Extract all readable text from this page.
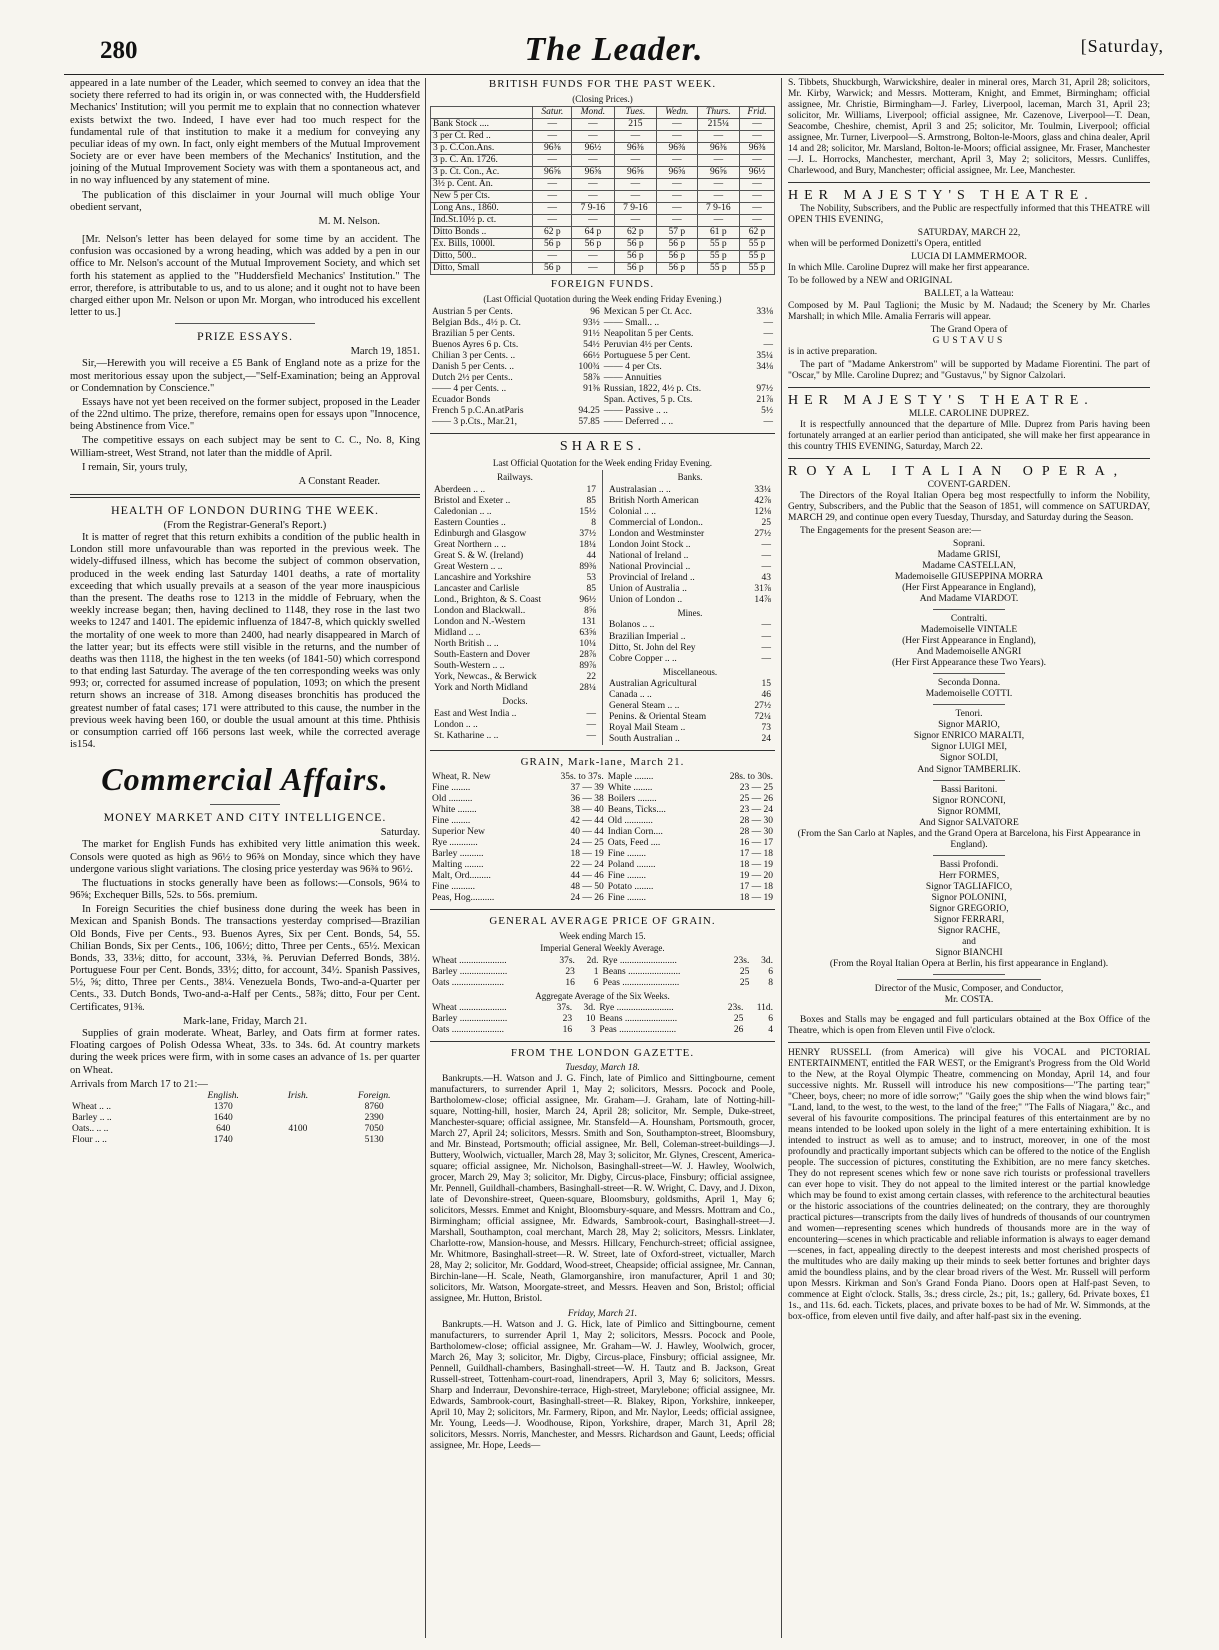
280	The Leader.	[Saturday,

appeared in a late number of the Leader, which seemed to convey an idea that the society there referred to had its origin in, or was connected with, the Huddersfield Mechanics' Institution; will you permit me to explain that no connection whatever exists betwixt the two. Indeed, I have ever had too much respect for the fundamental rule of that institution to make it a medium for conveying any peculiar ideas of my own. In fact, only eight members of the Mutual Improvement Society are or ever have been members of the Mechanics' Institution, and the joining of the Mutual Improvement Society was with them a spontaneous act, and in no way influenced by any statement of mine.

The publication of this disclaimer in your Journal will much oblige Your obedient servant,

M. M. Nelson.

[Mr. Nelson's letter has been delayed for some time by an accident. The confusion was occasioned by a wrong heading, which was added by a pen in our office to Mr. Nelson's account of the Mutual Improvement Society, and which set forth his statement as applied to the "Huddersfield Mechanics' Institution." The error, therefore, is attributable to us, and to us alone; and it ought not to have been charged either upon Mr. Nelson or upon Mr. Morgan, who introduced his excellent letter to us.]

PRIZE ESSAYS.
March 19, 1851.

Sir,—Herewith you will receive a £5 Bank of England note as a prize for the most meritorious essay upon the subject,—"Self-Examination; being an Approval or Condemnation by Conscience."

Essays have not yet been received on the former subject, proposed in the Leader of the 22nd ultimo. The prize, therefore, remains open for essays upon "Innocence, being Abstinence from Vice."

The competitive essays on each subject may be sent to C. C., No. 8, King William-street, West Strand, not later than the middle of April.

I remain, Sir, yours truly,

A Constant Reader.
HEALTH OF LONDON DURING THE WEEK.
(From the Registrar-General's Report.)

It is matter of regret that this return exhibits a condition of the public health in London still more unfavourable than was reported in the previous week. The widely-diffused illness, which has become the subject of common observation, produced in the week ending last Saturday 1401 deaths, a rate of mortality exceeding that which usually prevails at a season of the year more inauspicious than the present. The deaths rose to 1213 in the middle of February, when the weekly increase began; then, having declined to 1148, they rose in the last two weeks to 1247 and 1401. The epidemic influenza of 1847-8, which quickly swelled the mortality of one week to more than 2400, had nearly disappeared in March of the latter year; but its effects were still visible in the returns, and the number of deaths was then 1118, the highest in the ten weeks (of 1841-50) which correspond to that ending last Saturday. The average of the ten corresponding weeks was only 993; or, corrected for assumed increase of population, 1093; on which the present return shows an increase of 318. Among diseases bronchitis has produced the greatest number of fatal cases; 171 were attributed to this cause, the number in the previous week having been 160, or double the usual amount at this time. Phthisis or consumption carried off 166 persons last week, while the corrected average is154.

Commercial Affairs.
MONEY MARKET AND CITY INTELLIGENCE.
Saturday.

The market for English Funds has exhibited very little animation this week. Consols were quoted as high as 96½ to 96⅝ on Monday, since which they have undergone various slight variations. The closing price yesterday was 96⅜ to 96½.

The fluctuations in stocks generally have been as follows:—Consols, 96¼ to 96⅝; Exchequer Bills, 52s. to 56s. premium.

In Foreign Securities the chief business done during the week has been in Mexican and Spanish Bonds. The transactions yesterday comprised—Brazilian Old Bonds, Five per Cents., 93. Buenos Ayres, Six per Cent. Bonds, 54, 55. Chilian Bonds, Six per Cents., 106, 106½; ditto, Three per Cents., 65½. Mexican Bonds, 33, 33⅛; ditto, for account, 33⅛, ⅜. Peruvian Deferred Bonds, 38½. Portuguese Four per Cent. Bonds, 33½; ditto, for account, 34½. Spanish Passives, 5½, ⅝; ditto, Three per Cents., 38¼. Venezuela Bonds, Two-and-a-Quarter per Cents., 33. Dutch Bonds, Two-and-a-Half per Cents., 58⅞; ditto, Four per Cent. Certificates, 91⅜.

Mark-lane, Friday, March 21.

Supplies of grain moderate. Wheat, Barley, and Oats firm at former rates. Floating cargoes of Polish Odessa Wheat, 33s. to 34s. 6d. At country markets during the week prices were firm, with in some cases an advance of 1s. per quarter on Wheat.

Arrivals from March 17 to 21:—
	English.	Irish.	Foreign.
Wheat .. ..	1370		8760
Barley .. ..	1640		2390
Oats.. .. ..	640	4100	7050
Flour .. ..	1740		5130
BRITISH FUNDS FOR THE PAST WEEK.
(Closing Prices.)
	Satur.	Mond.	Tues.	Wedn.	Thurs.	Frid.
Bank Stock ....	—	—	215	—	215¼	—
3 per Ct. Red ..	—	—	—	—	—	—
3 p. C.Con.Ans.	96⅜	96½	96⅜	96⅜	96⅜	96⅜
3 p. C. An. 1726.	—	—	—	—	—	—
3 p. Ct. Con., Ac.	96⅝	96⅝	96⅝	96⅝	96⅝	96½
3½ p. Cent. An.	—	—	—	—	—	—
New 5 per Cts.	—	—	—	—	—	—
Long Ans., 1860.	—	7 9-16	7 9-16	—	7 9-16	—
Ind.St.10½ p. ct.	—	—	—	—	—	—
Ditto Bonds ..	62 p	64 p	62 p	57 p	61 p	62 p
Ex. Bills, 1000l.	56 p	56 p	56 p	56 p	55 p	55 p
Ditto, 500..	—	—	56 p	56 p	55 p	55 p
Ditto, Small	56 p	—	56 p	56 p	55 p	55 p
FOREIGN FUNDS.
(Last Official Quotation during the Week ending Friday Evening.)
Austrian 5 per Cents.	96	Mexican 5 per Ct. Acc.	33⅛
Belgian Bds., 4½ p. Ct.	93½	—— Small.. ..	—
Brazilian 5 per Cents.	91½	Neapolitan 5 per Cents.	—
Buenos Ayres 6 p. Cts.	54½	Peruvian 4½ per Cents.	—
Chilian 3 per Cents. ..	66½	Portuguese 5 per Cent.	35¼
Danish 5 per Cents. ..	100¾	—— 4 per Cts.	34⅛
Dutch 2½ per Cents..	58⅞	—— Annuities	
—— 4 per Cents. ..	91⅜	Russian, 1822, 4½ p. Cts.	97½
Ecuador Bonds		Span. Actives, 5 p. Cts.	21⅞
French 5 p.C.An.atParis	94.25	—— Passive .. ..	5½
—— 3 p.Cts., Mar.21,	57.85	—— Deferred .. ..	—
SHARES.
Last Official Quotation for the Week ending Friday Evening.
Railways.
Aberdeen .. ..	17
Bristol and Exeter ..	85
Caledonian .. ..	15½
Eastern Counties ..	8
Edinburgh and Glasgow	37½
Great Northern .. ..	18¼
Great S. & W. (Ireland)	44
Great Western .. ..	89⅜
Lancashire and Yorkshire	53
Lancaster and Carlisle	85
Lond., Brighton, & S. Coast	96½
London and Blackwall..	8⅝
London and N.-Western	131
Midland .. ..	63⅝
North British .. ..	10¼
South-Eastern and Dover	28⅞
South-Western .. ..	89⅞
York, Newcas., & Berwick	22
York and North Midland	28¼
Docks.
East and West India ..	—
London .. ..	—
St. Katharine .. ..	—

Banks.
Australasian .. ..	33¼
British North American	42⅞
Colonial .. ..	12⅛
Commercial of London..	25
London and Westminster	27½
London Joint Stock ..	—
National of Ireland ..	—
National Provincial ..	—
Provincial of Ireland ..	43
Union of Australia ..	31⅞
Union of London ..	14⅞
Mines.
Bolanos .. ..	—
Brazilian Imperial ..	—
Ditto, St. John del Rey	—
Cobre Copper .. ..	—
Miscellaneous.
Australian Agricultural	15
Canada .. ..	46
General Steam .. ..	27½
Penins. & Oriental Steam	72¼
Royal Mail Steam ..	73
South Australian ..	24
GRAIN, Mark-lane, March 21.
Wheat, R. New	35s. to 37s.	Maple ........	28s. to 30s.
Fine ........	37 — 39	White ........	23 — 25
Old ..........	36 — 38	Boilers ........	25 — 26
White ........	38 — 40	Beans, Ticks....	23 — 24
Fine ........	42 — 44	Old ............	28 — 30
Superior New	40 — 44	Indian Corn....	28 — 30
Rye ............	24 — 25	Oats, Feed ....	16 — 17
Barley ..........	18 — 19	Fine ........	17 — 18
Malting ........	22 — 24	Poland ........	18 — 19
Malt, Ord.........	44 — 46	Fine ........	19 — 20
Fine ..........	48 — 50	Potato ........	17 — 18
Peas, Hog..........	24 — 26	Fine ........	18 — 19
GENERAL AVERAGE PRICE OF GRAIN.
Week ending March 15.
Imperial General Weekly Average.
Wheat ....................	37s.	2d.	Rye ........................	23s.	3d.
Barley ....................	23	1	Beans ......................	25	6
Oats ......................	16	6	Peas ........................	25	8
Aggregate Average of the Six Weeks.
Wheat ....................	37s.	3d.	Rye ........................	23s.	11d.
Barley ....................	23	10	Beans ......................	25	6
Oats ......................	16	3	Peas ........................	26	4
FROM THE LONDON GAZETTE.
Tuesday, March 18.

Bankrupts.—H. Watson and J. G. Finch, late of Pimlico and Sittingbourne, cement manufacturers, to surrender April 1, May 2; solicitors, Messrs. Pocock and Poole, Bartholomew-close; official assignee, Mr. Graham—J. Graham, late of Notting-hill-square, Notting-hill, hosier, March 24, April 28; solicitor, Mr. Semple, Duke-street, Manchester-square; official assignee, Mr. Stansfeld—A. Hounsham, Portsmouth, grocer, March 27, April 24; solicitors, Messrs. Smith and Son, Southampton-street, Bloomsbury, and Mr. Binstead, Portsmouth; official assignee, Mr. Bell, Coleman-street-buildings—J. Buttery, Woolwich, victualler, March 28, May 3; solicitor, Mr. Glynes, Crescent, America-square; official assignee, Mr. Nicholson, Basinghall-street—W. J. Hawley, Woolwich, grocer, March 29, May 3; solicitor, Mr. Digby, Circus-place, Finsbury; official assignee, Mr. Pennell, Guildhall-chambers, Basinghall-street—R. W. Wright, C. Davy, and J. Dixon, late of Devonshire-street, Queen-square, Bloomsbury, goldsmiths, April 1, May 6; solicitors, Messrs. Emmet and Knight, Bloomsbury-square, and Messrs. Mottram and Co., Birmingham; official assignee, Mr. Edwards, Sambrook-court, Basinghall-street—J. Marshall, Southampton, coal merchant, March 28, May 2; solicitors, Messrs. Linklater, Charlotte-row, Mansion-house, and Messrs. Hillcary, Fenchurch-street; official assignee, Mr. Whitmore, Basinghall-street—R. W. Street, late of Oxford-street, victualler, March 28, May 2; solicitor, Mr. Goddard, Wood-street, Cheapside; official assignee, Mr. Cannan, Birchin-lane—H. Scale, Neath, Glamorganshire, iron manufacturer, April 1 and 30; solicitors, Mr. Watson, Moorgate-street, and Messrs. Heaven and Son, Bristol; official assignee, Mr. Hutton, Bristol.

Friday, March 21.

Bankrupts.—H. Watson and J. G. Hick, late of Pimlico and Sittingbourne, cement manufacturers, to surrender April 1, May 2; solicitors, Messrs. Pocock and Poole, Bartholomew-close; official assignee, Mr. Graham—W. J. Hawley, Woolwich, grocer, March 26, May 3; solicitor, Mr. Digby, Circus-place, Finsbury; official assignee, Mr. Pennell, Guildhall-chambers, Basinghall-street—W. H. Tautz and B. Jackson, Great Russell-street, Tottenham-court-road, linendrapers, April 3, May 6; solicitors, Messrs. Sharp and Inderraur, Devonshire-terrace, High-street, Marylebone; official assignee, Mr. Edwards, Sambrook-court, Basinghall-street—R. Blakey, Ripon, Yorkshire, innkeeper, April 10, May 2; solicitors, Mr. Farmery, Ripon, and Mr. Naylor, Leeds; official assignee, Mr. Young, Leeds—J. Woodhouse, Ripon, Yorkshire, draper, March 31, April 28; solicitors, Messrs. Norris, Manchester, and Messrs. Richardson and Gaunt, Leeds; official assignee, Mr. Hope, Leeds—

S. Tibbets, Shuckburgh, Warwickshire, dealer in mineral ores, March 31, April 28; solicitors, Mr. Kirby, Warwick; and Messrs. Motteram, Knight, and Emmet, Birmingham; official assignee, Mr. Christie, Birmingham—J. Farley, Liverpool, laceman, March 31, April 23; solicitor, Mr. Williams, Liverpool; official assignee, Mr. Cazenove, Liverpool—T. Dean, Seacombe, Cheshire, chemist, April 3 and 25; solicitor, Mr. Toulmin, Liverpool; official assignee, Mr. Turner, Liverpool—S. Armstrong, Bolton-le-Moors, glass and china dealer, April 14 and 28; solicitor, Mr. Marsland, Bolton-le-Moors; official assignee, Mr. Fraser, Manchester—J. L. Horrocks, Manchester, merchant, April 3, May 2; solicitors, Messrs. Cunliffes, Charlewood, and Bury, Manchester; official assignee, Mr. Lee, Manchester.

HER MAJESTY'S THEATRE.

The Nobility, Subscribers, and the Public are respectfully informed that this THEATRE will OPEN THIS EVENING,

SATURDAY, MARCH 22,

when will be performed Donizetti's Opera, entitled

LUCIA DI LAMMERMOOR.

In which Mlle. Caroline Duprez will make her first appearance.

To be followed by a NEW and ORIGINAL

BALLET, a la Watteau:

Composed by M. Paul Taglioni; the Music by M. Nadaud; the Scenery by Mr. Charles Marshall; in which Mlle. Amalia Ferraris will appear.

The Grand Opera of
GUSTAVUS

is in active preparation.

The part of "Madame Ankerstrom" will be supported by Madame Fiorentini. The part of "Oscar," by Mlle. Caroline Duprez; and "Gustavus," by Signor Calzolari.

HER MAJESTY'S THEATRE.
MLLE. CAROLINE DUPREZ.

It is respectfully announced that the departure of Mlle. Duprez from Paris having been fortunately arranged at an earlier period than anticipated, she will make her first appearance in this country THIS EVENING, Saturday, March 22.

ROYAL ITALIAN OPERA,
COVENT-GARDEN.

The Directors of the Royal Italian Opera beg most respectfully to inform the Nobility, Gentry, Subscribers, and the Public that the Season of 1851, will commence on SATURDAY, MARCH 29, and continue open every Tuesday, Thursday, and Saturday during the Season.

The Engagements for the present Season are:—

Soprani.
Madame GRISI,
Madame CASTELLAN,
Mademoiselle GIUSEPPINA MORRA
(Her First Appearance in England),
And Madame VIARDOT.
Contralti.
Mademoiselle VINTALE
(Her First Appearance in England),
And Mademoiselle ANGRI
(Her First Appearance these Two Years).
Seconda Donna.
Mademoiselle COTTI.
Tenori.
Signor MARIO,
Signor ENRICO MARALTI,
Signor LUIGI MEI,
Signor SOLDI,
And Signor TAMBERLIK.
Bassi Baritoni.
Signor RONCONI,
Signor ROMMI,
And Signor SALVATORE
(From the San Carlo at Naples, and the Grand Opera at Barcelona, his First Appearance in England).
Bassi Profondi.
Herr FORMES,
Signor TAGLIAFICO,
Signor POLONINI,
Signor GREGORIO,
Signor FERRARI,
Signor RACHE,
and
Signor BIANCHI
(From the Royal Italian Opera at Berlin, his first appearance in England).
Director of the Music, Composer, and Conductor,
Mr. COSTA.

Boxes and Stalls may be engaged and full particulars obtained at the Box Office of the Theatre, which is open from Eleven until Five o'clock.

HENRY RUSSELL (from America) will give his VOCAL and PICTORIAL ENTERTAINMENT, entitled the FAR WEST, or the Emigrant's Progress from the Old World to the New, at the Royal Olympic Theatre, commencing on Monday, April 14, and four successive nights. Mr. Russell will introduce his new compositions—"The parting tear;" "Cheer, boys, cheer; no more of idle sorrow;" "Gaily goes the ship when the wind blows fair;" "Land, land, to the west, to the west, to the land of the free;" "The Falls of Niagara," &c., and several of his favourite compositions. The principal features of this entertainment are by no means intended to be looked upon solely in the light of a mere entertaining exhibition. It is intended to instruct as well as to amuse; and to instruct, moreover, in one of the most profoundly and practically important subjects which can be offered to the notice of the English people. The succession of pictures, constituting the Exhibition, are no mere fancy sketches. They do not represent scenes which few or none save rich tourists or professional travellers can ever hope to visit. They do not appeal to the limited interest or the partial knowledge which may be found to exist among certain classes, with reference to the architectural beauties or the historic associations of the countries delineated; on the contrary, they are thoroughly practical pictures—transcripts from the daily lives of hundreds of thousands of our countrymen and women—representing scenes which hundreds of thousands more are in the way of encountering—scenes in which practicable and reliable information is always to eager demand—scenes, in fact, appealing directly to the deepest interests and most cherished prospects of the multitudes who are daily making up their minds to seek better fortunes and brighter days amid the boundless plains, and by the clear broad rivers of the West. Mr. Russell will perform upon Messrs. Kirkman and Son's Grand Fonda Piano. Doors open at Half-past Seven, to commence at Eight o'clock. Stalls, 3s.; dress circle, 2s.; pit, 1s.; gallery, 6d. Private boxes, £1 1s., and 11s. 6d. each. Tickets, places, and private boxes to be had of Mr. W. Simmonds, at the box-office, from eleven until five daily, and after half-past six in the evening.
